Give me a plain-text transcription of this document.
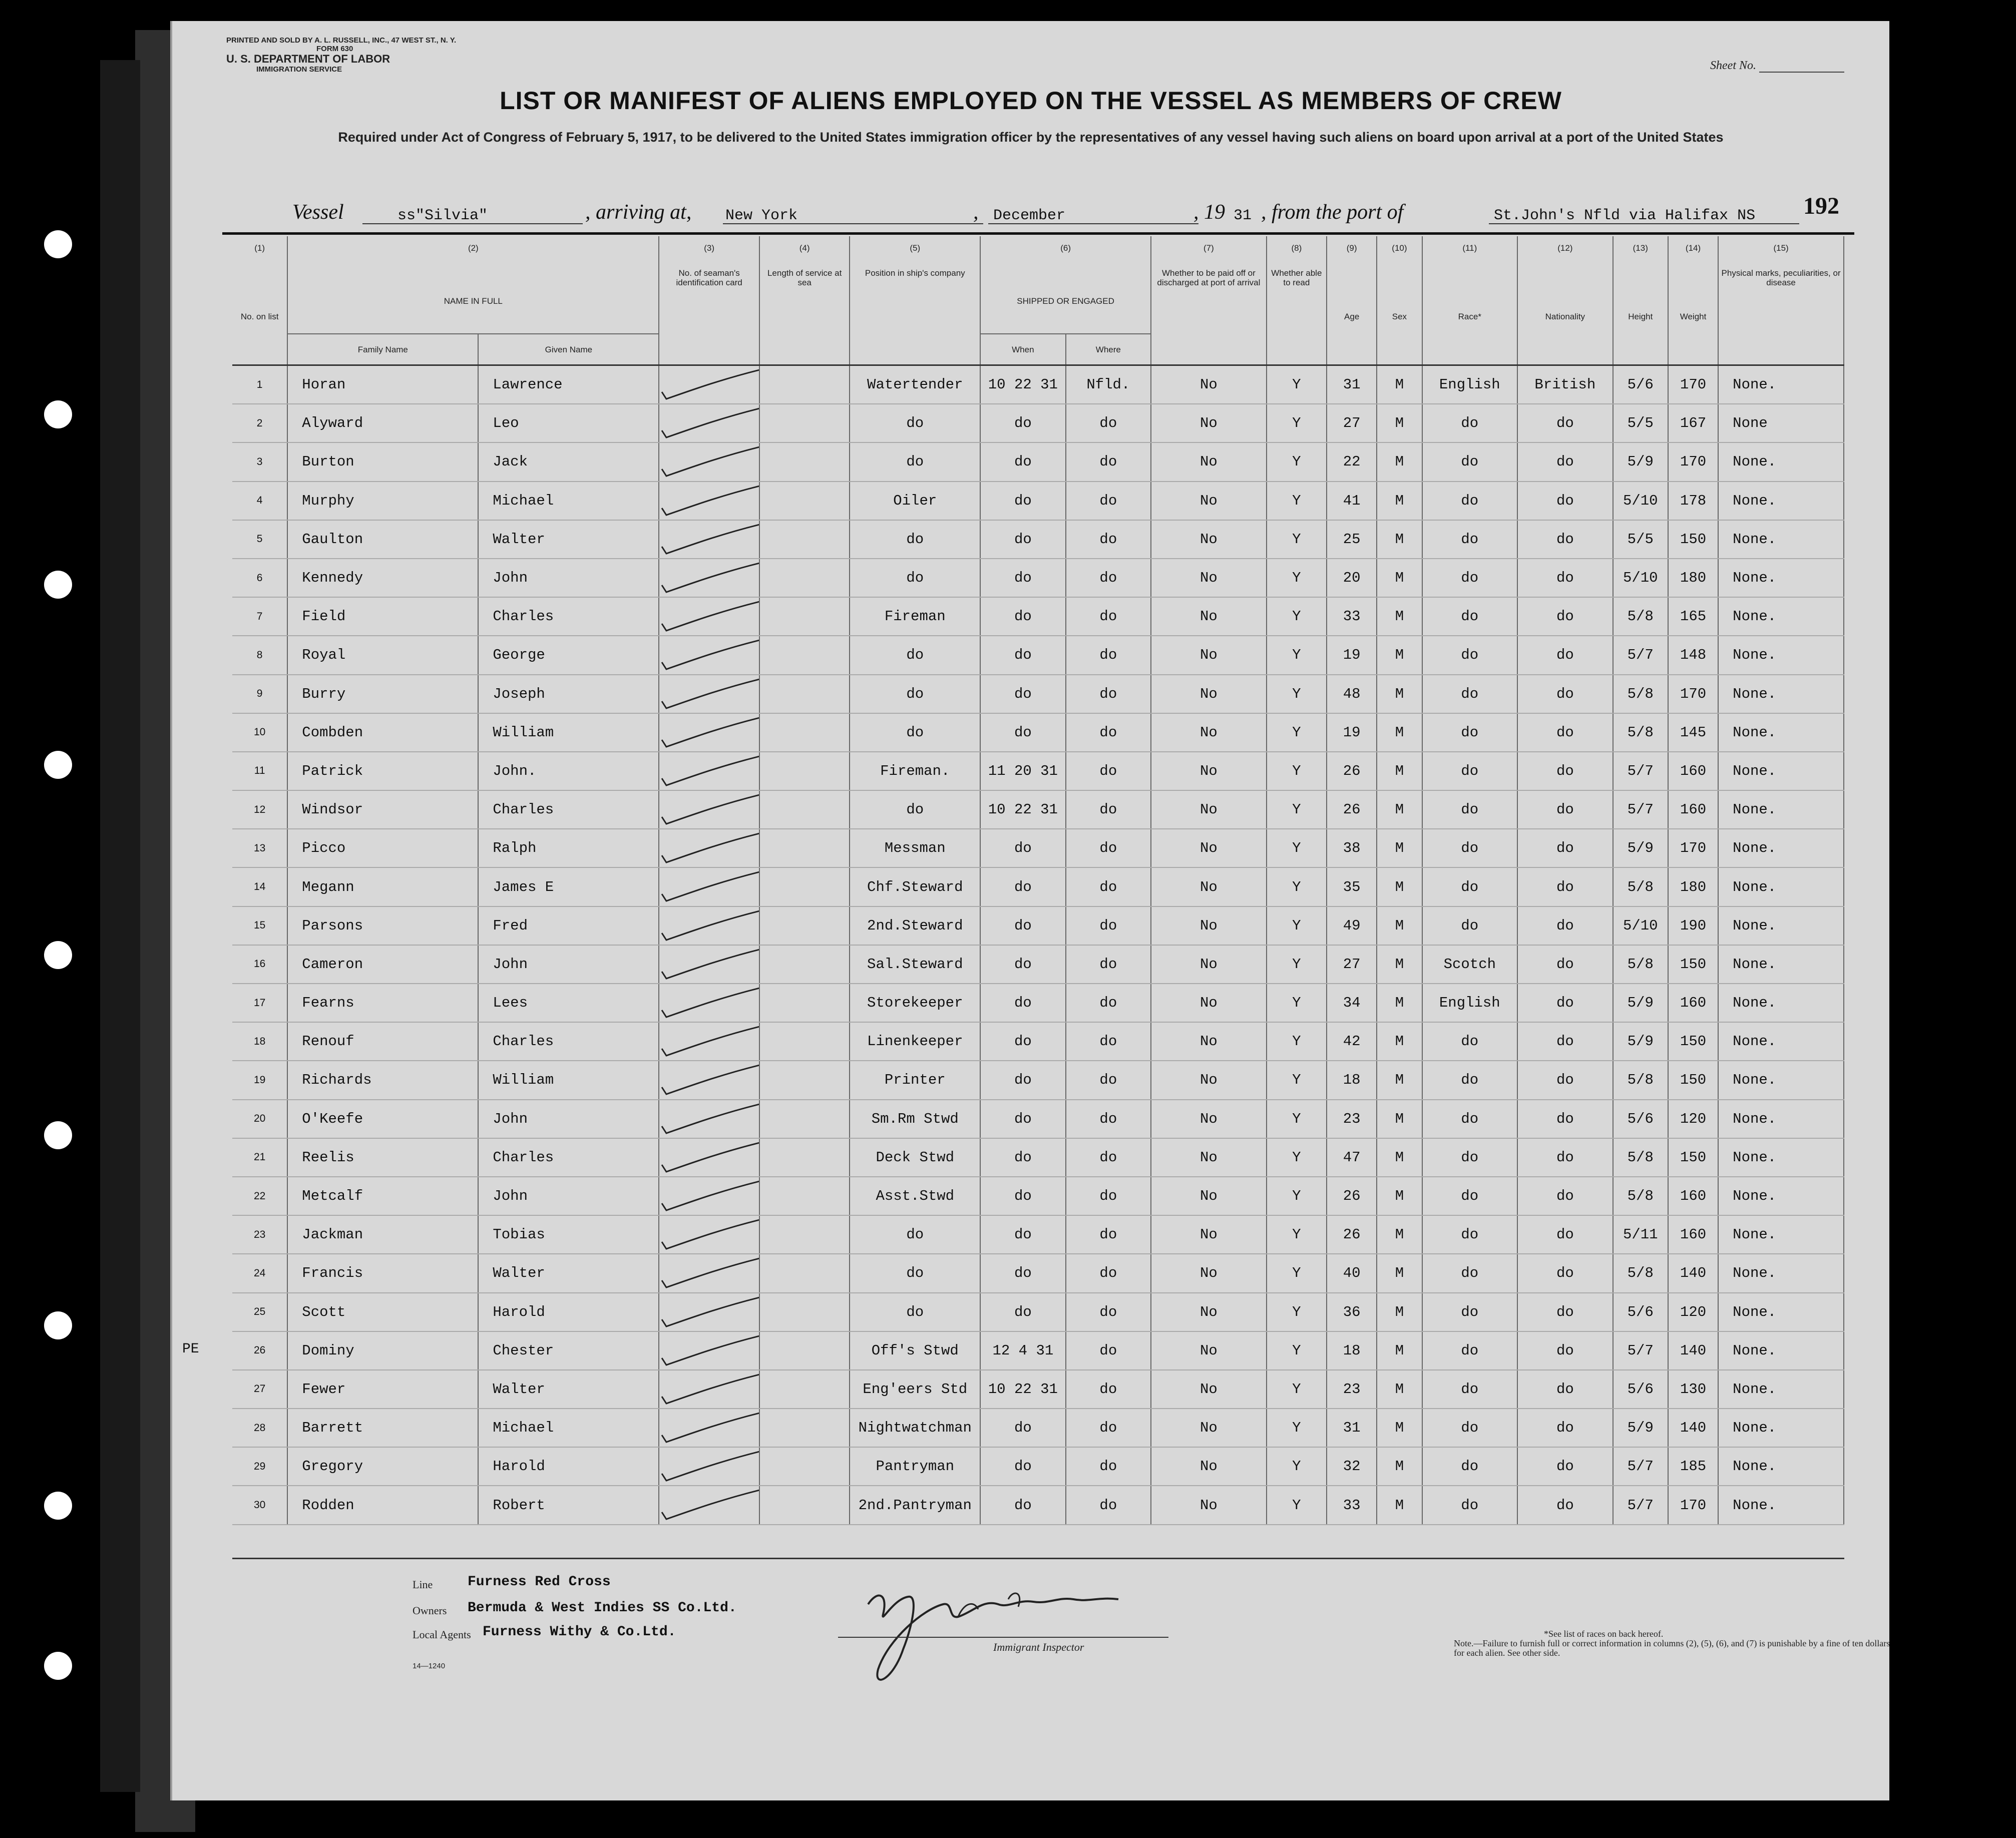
PRINTED AND SOLD BY A. L. RUSSELL, INC., 47 WEST ST., N. Y.
FORM 630
U. S. DEPARTMENT OF LABOR
IMMIGRATION SERVICE	Sheet No.
LIST OR MANIFEST OF ALIENS EMPLOYED ON THE VESSEL AS MEMBERS OF CREW
Required under Act of Congress of February 5, 1917, to be delivered to the United States immigration officer by the representatives of any vessel having such aliens on board upon arrival at a port of the United States
Vessel	ss"Silvia"	, arriving at, New York	, December	, 19 31 , from the port of	St.John's Nfld via Halifax NS 192
(1)	(2)		(3)	(4)	(5)	(6)		(7)	(8)	(9)	(10)	(11)	(12)	(13)	(14)	(15)
No. on list	NAME IN FULL		No. of seaman's identification card	Length of service at sea	Position in ship's company	SHIPPED OR ENGAGED		Whether to be paid off or discharged at port of arrival	Whether able to read	Age	Sex	Race*	Nationality	Height	Weight	Physical marks, peculiarities, or disease
	Family Name	Given Name				When	Where									
1	Horan	Lawrence			Watertender	10 22 31	Nfld.	No	Y	31	M	English	British	5/6	170	None.
2	Alyward	Leo			do	do	do	No	Y	27	M	do	do	5/5	167	None
3	Burton	Jack			do	do	do	No	Y	22	M	do	do	5/9	170	None.
4	Murphy	Michael			Oiler	do	do	No	Y	41	M	do	do	5/10	178	None.
5	Gaulton	Walter			do	do	do	No	Y	25	M	do	do	5/5	150	None.
6	Kennedy	John			do	do	do	No	Y	20	M	do	do	5/10	180	None.
7	Field	Charles			Fireman	do	do	No	Y	33	M	do	do	5/8	165	None.
8	Royal	George			do	do	do	No	Y	19	M	do	do	5/7	148	None.
9	Burry	Joseph			do	do	do	No	Y	48	M	do	do	5/8	170	None.
10	Combden	William			do	do	do	No	Y	19	M	do	do	5/8	145	None.
11	Patrick	John.			Fireman.	11 20 31	do	No	Y	26	M	do	do	5/7	160	None.
12	Windsor	Charles			do	10 22 31	do	No	Y	26	M	do	do	5/7	160	None.
13	Picco	Ralph			Messman	do	do	No	Y	38	M	do	do	5/9	170	None.
14	Megann	James E			Chf.Steward	do	do	No	Y	35	M	do	do	5/8	180	None.
15	Parsons	Fred			2nd.Steward	do	do	No	Y	49	M	do	do	5/10	190	None.
16	Cameron	John			Sal.Steward	do	do	No	Y	27	M	Scotch	do	5/8	150	None.
17	Fearns	Lees			Storekeeper	do	do	No	Y	34	M	English	do	5/9	160	None.
18	Renouf	Charles			Linenkeeper	do	do	No	Y	42	M	do	do	5/9	150	None.
19	Richards	William			Printer	do	do	No	Y	18	M	do	do	5/8	150	None.
20	O'Keefe	John			Sm.Rm Stwd	do	do	No	Y	23	M	do	do	5/6	120	None.
21	Reelis	Charles			Deck Stwd	do	do	No	Y	47	M	do	do	5/8	150	None.
22	Metcalf	John			Asst.Stwd	do	do	No	Y	26	M	do	do	5/8	160	None.
23	Jackman	Tobias			do	do	do	No	Y	26	M	do	do	5/11	160	None.
24	Francis	Walter			do	do	do	No	Y	40	M	do	do	5/8	140	None.
25	Scott	Harold			do	do	do	No	Y	36	M	do	do	5/6	120	None.
26	Dominy	Chester			Off's Stwd	12 4 31	do	No	Y	18	M	do	do	5/7	140	None.
27	Fewer	Walter			Eng'eers Std	10 22 31	do	No	Y	23	M	do	do	5/6	130	None.
28	Barrett	Michael			Nightwatchman	do	do	No	Y	31	M	do	do	5/9	140	None.
29	Gregory	Harold			Pantryman	do	do	No	Y	32	M	do	do	5/7	185	None.
30	Rodden	Robert			2nd.Pantryman	do	do	No	Y	33	M	do	do	5/7	170	None.
PE
Line Furness Red Cross
Owners Bermuda & West Indies SS Co.Ltd.
Local Agents Furness Withy & Co.Ltd.
Immigrant Inspector
*See list of races on back hereof.
Note.—Failure to furnish full or correct information in columns (2), (5), (6), and (7) is punishable by a fine of ten dollars for each alien. See other side.
14—1240
